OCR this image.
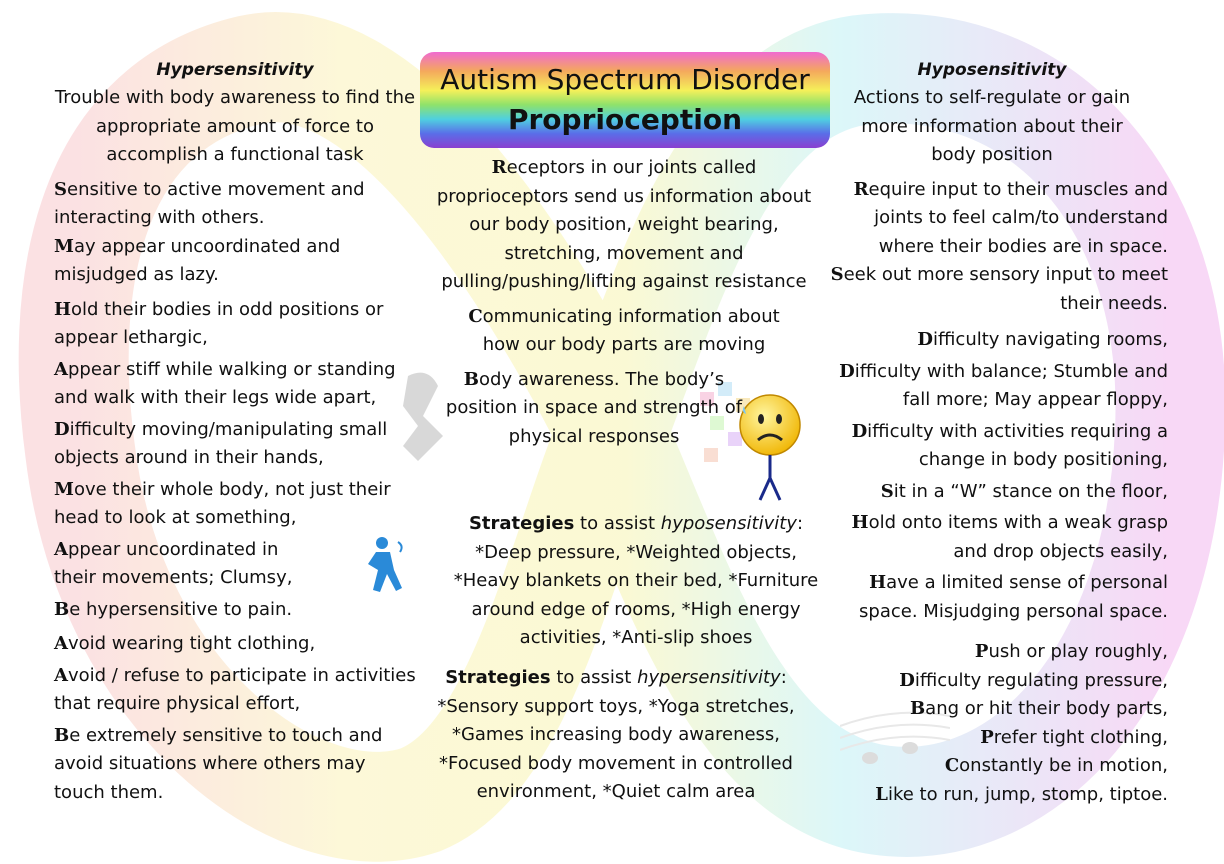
Autism Spectrum Disorder
Proprioception

Hypersensitivity

Trouble with body awareness to find the appropriate amount of force to accomplish a functional task

Sensitive to active movement and interacting with others.

May appear uncoordinated and misjudged as lazy.

Hold their bodies in odd positions or appear lethargic,

Appear stiff while walking or standing and walk with their legs wide apart,

Difficulty moving/manipulating small objects around in their hands,

Move their whole body, not just their head to look at something,

Appear uncoordinated in their movements; Clumsy,

Be hypersensitive to pain.

Avoid wearing tight clothing,

Avoid / refuse to participate in activities that require physical effort,

Be extremely sensitive to touch and avoid situations where others may touch them.

Receptors in our joints called proprioceptors send us information about our body position, weight bearing, stretching, movement and pulling/pushing/lifting against resistance

Communicating information about how our body parts are moving

Body awareness. The body’s position in space and strength of physical responses

Strategies to assist hyposensitivity:

*Deep pressure, *Weighted objects, *Heavy blankets on their bed, *Furniture around edge of rooms, *High energy activities, *Anti-slip shoes

Strategies to assist hypersensitivity:

*Sensory support toys, *Yoga stretches, *Games increasing body awareness, *Focused body movement in controlled environment, *Quiet calm area

Hyposensitivity

Actions to self-regulate or gain more information about their body position

Require input to their muscles and joints to feel calm/to understand where their bodies are in space.

Seek out more sensory input to meet their needs.

Difficulty navigating rooms,

Difficulty with balance; Stumble and fall more; May appear floppy,

Difficulty with activities requiring a change in body positioning,

Sit in a “W” stance on the floor,

Hold onto items with a weak grasp and drop objects easily,

Have a limited sense of personal space. Misjudging personal space.

Push or play roughly,

Difficulty regulating pressure,

Bang or hit their body parts,

Prefer tight clothing,

Constantly be in motion,

Like to run, jump, stomp, tiptoe.
